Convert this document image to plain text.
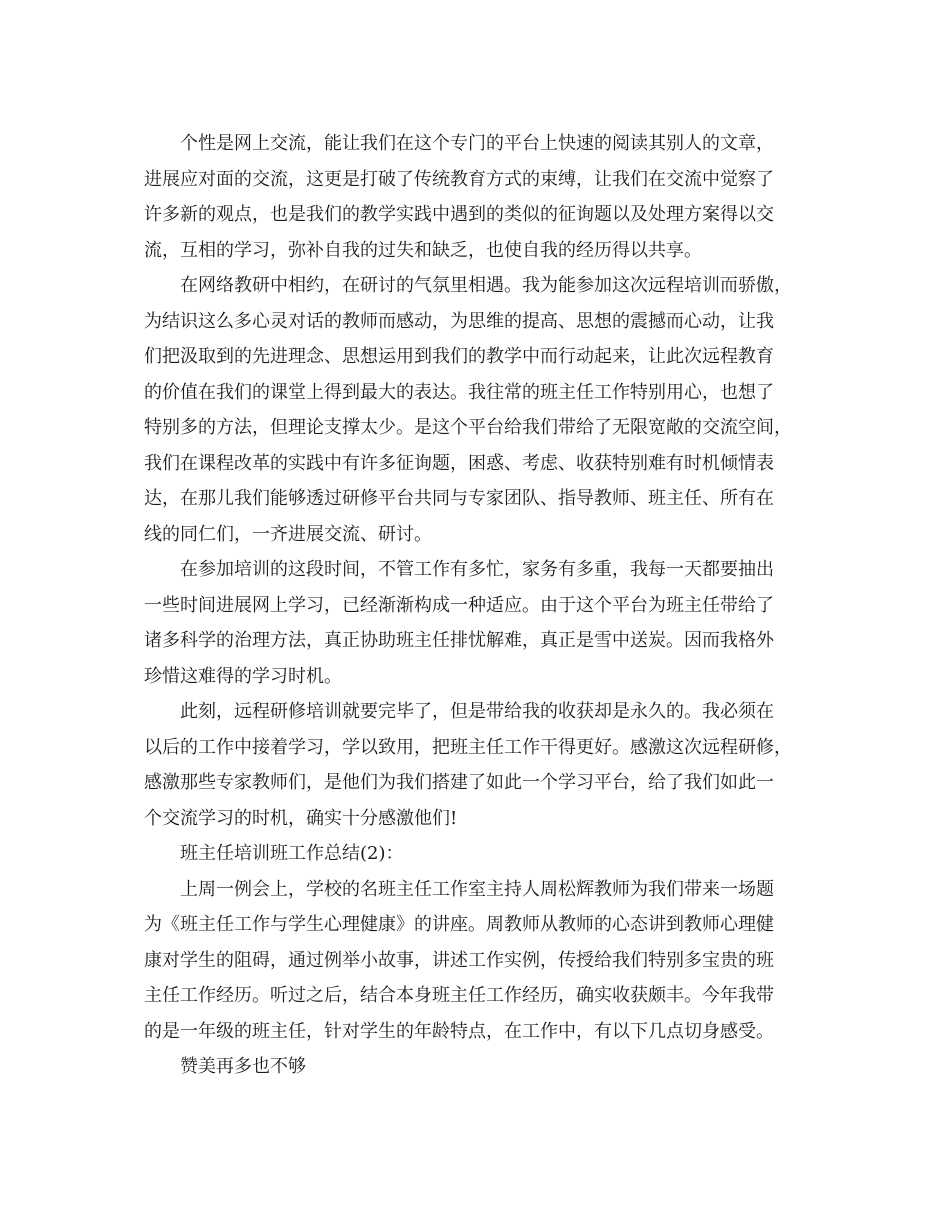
个性是网上交流，能让我们在这个专门的平台上快速的阅读其别人的文章，
进展应对面的交流，这更是打破了传统教育方式的束缚，让我们在交流中觉察了
许多新的观点，也是我们的教学实践中遇到的类似的征询题以及处理方案得以交
流，互相的学习，弥补自我的过失和缺乏，也使自我的经历得以共享。

在网络教研中相约，在研讨的气氛里相遇。我为能参加这次远程培训而骄傲，
为结识这么多心灵对话的教师而感动，为思维的提高、思想的震撼而心动，让我
们把汲取到的先进理念、思想运用到我们的教学中而行动起来，让此次远程教育
的价值在我们的课堂上得到最大的表达。我往常的班主任工作特别用心，也想了
特别多的方法，但理论支撑太少。是这个平台给我们带给了无限宽敞的交流空间，
我们在课程改革的实践中有许多征询题，困惑、考虑、收获特别难有时机倾情表
达，在那儿我们能够透过研修平台共同与专家团队、指导教师、班主任、所有在
线的同仁们，一齐进展交流、研讨。

在参加培训的这段时间，不管工作有多忙，家务有多重，我每一天都要抽出
一些时间进展网上学习，已经渐渐构成一种适应。由于这个平台为班主任带给了
诸多科学的治理方法，真正协助班主任排忧解难，真正是雪中送炭。因而我格外
珍惜这难得的学习时机。

此刻，远程研修培训就要完毕了，但是带给我的收获却是永久的。我必须在
以后的工作中接着学习，学以致用，把班主任工作干得更好。感激这次远程研修，
感激那些专家教师们，是他们为我们搭建了如此一个学习平台，给了我们如此一
个交流学习的时机，确实十分感激他们!

班主任培训班工作总结(2)：

上周一例会上，学校的名班主任工作室主持人周松辉教师为我们带来一场题
为《班主任工作与学生心理健康》的讲座。周教师从教师的心态讲到教师心理健
康对学生的阻碍，通过例举小故事，讲述工作实例，传授给我们特别多宝贵的班
主任工作经历。听过之后，结合本身班主任工作经历，确实收获颇丰。今年我带
的是一年级的班主任，针对学生的年龄特点，在工作中，有以下几点切身感受。

赞美再多也不够
